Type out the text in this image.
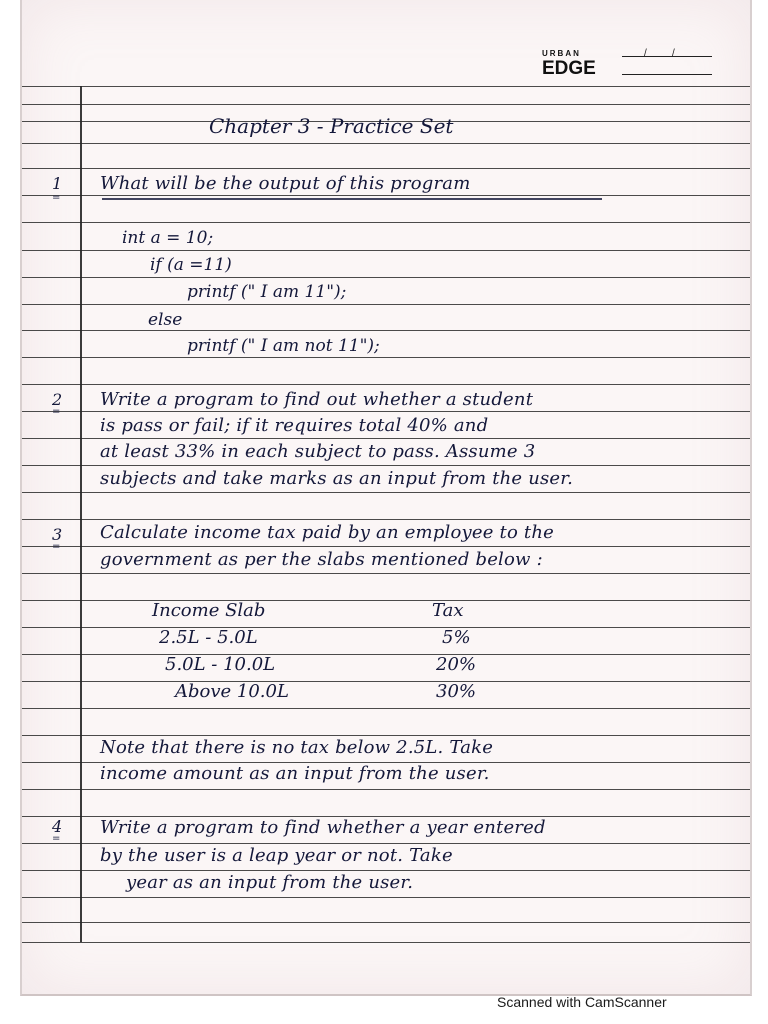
URBAN
EDGE
/	/
Chapter 3 - Practice Set
1
=
What will be the output of this program
int a = 10;
if (a =11)
printf (" I am 11");
else
printf (" I am not 11");
2
=
Write a program to find out whether a student
is pass or fail; if it requires total 40% and
at least 33% in each subject to pass. Assume 3
subjects and take marks as an input from the user.
3
=
Calculate income tax paid by an employee to the
government as per the slabs mentioned below :
Income Slab	Tax
2.5L - 5.0L	5%
5.0L - 10.0L	20%
Above 10.0L	30%
Note that there is no tax below 2.5L. Take
income amount as an input from the user.
4
=
Write a program to find whether a year entered
by the user is a leap year or not. Take
year as an input from the user.
Scanned with CamScanner
